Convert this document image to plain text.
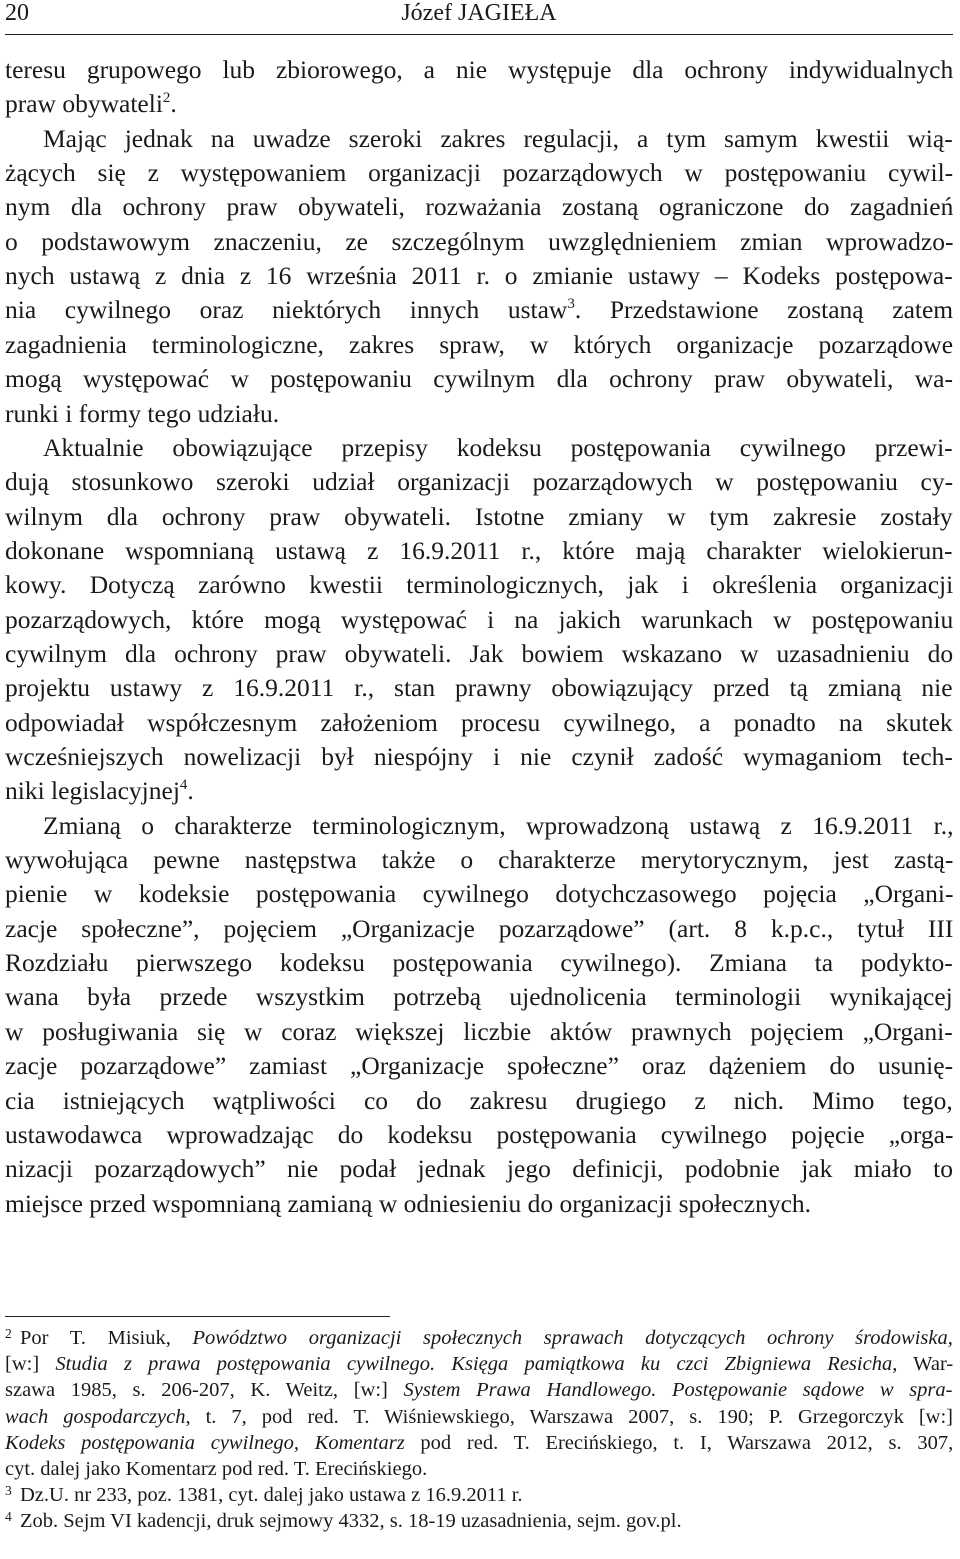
20	Józef JAGIEŁA
teresu grupowego lub zbiorowego, a nie występuje dla ochrony indywidualnych
praw obywateli$^2$.
Mając jednak na uwadze szeroki zakres regulacji, a tym samym kwestii wią-
żących się z występowaniem organizacji pozarządowych w postępowaniu cywil-
nym dla ochrony praw obywateli, rozważania zostaną ograniczone do zagadnień
o podstawowym znaczeniu, ze szczególnym uwzględnieniem zmian wprowadzo-
nych ustawą z dnia z 16 września 2011 r. o zmianie ustawy – Kodeks postępowa-
nia cywilnego oraz niektórych innych ustaw$^3$. Przedstawione zostaną zatem
zagadnienia terminologiczne, zakres spraw, w których organizacje pozarządowe
mogą występować w postępowaniu cywilnym dla ochrony praw obywateli, wa-
runki i formy tego udziału.
Aktualnie obowiązujące przepisy kodeksu postępowania cywilnego przewi-
dują stosunkowo szeroki udział organizacji pozarządowych w postępowaniu cy-
wilnym dla ochrony praw obywateli. Istotne zmiany w tym zakresie zostały
dokonane wspomnianą ustawą z 16.9.2011 r., które mają charakter wielokierun-
kowy. Dotyczą zarówno kwestii terminologicznych, jak i określenia organizacji
pozarządowych, które mogą występować i na jakich warunkach w postępowaniu
cywilnym dla ochrony praw obywateli. Jak bowiem wskazano w uzasadnieniu do
projektu ustawy z 16.9.2011 r., stan prawny obowiązujący przed tą zmianą nie
odpowiadał współczesnym założeniom procesu cywilnego, a ponadto na skutek
wcześniejszych nowelizacji był niespójny i nie czynił zadość wymaganiom tech-
niki legislacyjnej$^4$.
Zmianą o charakterze terminologicznym, wprowadzoną ustawą z 16.9.2011 r.,
wywołująca pewne następstwa także o charakterze merytorycznym, jest zastą-
pienie w kodeksie postępowania cywilnego dotychczasowego pojęcia „Organi-
zacje społeczne”, pojęciem „Organizacje pozarządowe” (art. 8 k.p.c., tytuł III
Rozdziału pierwszego kodeksu postępowania cywilnego). Zmiana ta podykto-
wana była przede wszystkim potrzebą ujednolicenia terminologii wynikającej
w posługiwania się w coraz większej liczbie aktów prawnych pojęciem „Organi-
zacje pozarządowe” zamiast „Organizacje społeczne” oraz dążeniem do usunię-
cia istniejących wątpliwości co do zakresu drugiego z nich. Mimo tego,
ustawodawca wprowadzając do kodeksu postępowania cywilnego pojęcie „orga-
nizacji pozarządowych” nie podał jednak jego definicji, podobnie jak miało to
miejsce przed wspomnianą zamianą w odniesieniu do organizacji społecznych.
2 Por T. Misiuk, Powództwo organizacji społecznych sprawach dotyczących ochrony środowiska,
[w:] Studia z prawa postępowania cywilnego. Księga pamiątkowa ku czci Zbigniewa Resicha, War-
szawa 1985, s. 206-207, K. Weitz, [w:] System Prawa Handlowego. Postępowanie sądowe w spra-
wach gospodarczych, t. 7, pod red. T. Wiśniewskiego, Warszawa 2007, s. 190; P. Grzegorczyk [w:]
Kodeks postępowania cywilnego, Komentarz pod red. T. Erecińskiego, t. I, Warszawa 2012, s. 307,
cyt. dalej jako Komentarz pod red. T. Erecińskiego.
3 Dz.U. nr 233, poz. 1381, cyt. dalej jako ustawa z 16.9.2011 r.
4 Zob. Sejm VI kadencji, druk sejmowy 4332, s. 18-19 uzasadnienia, sejm. gov.pl.
